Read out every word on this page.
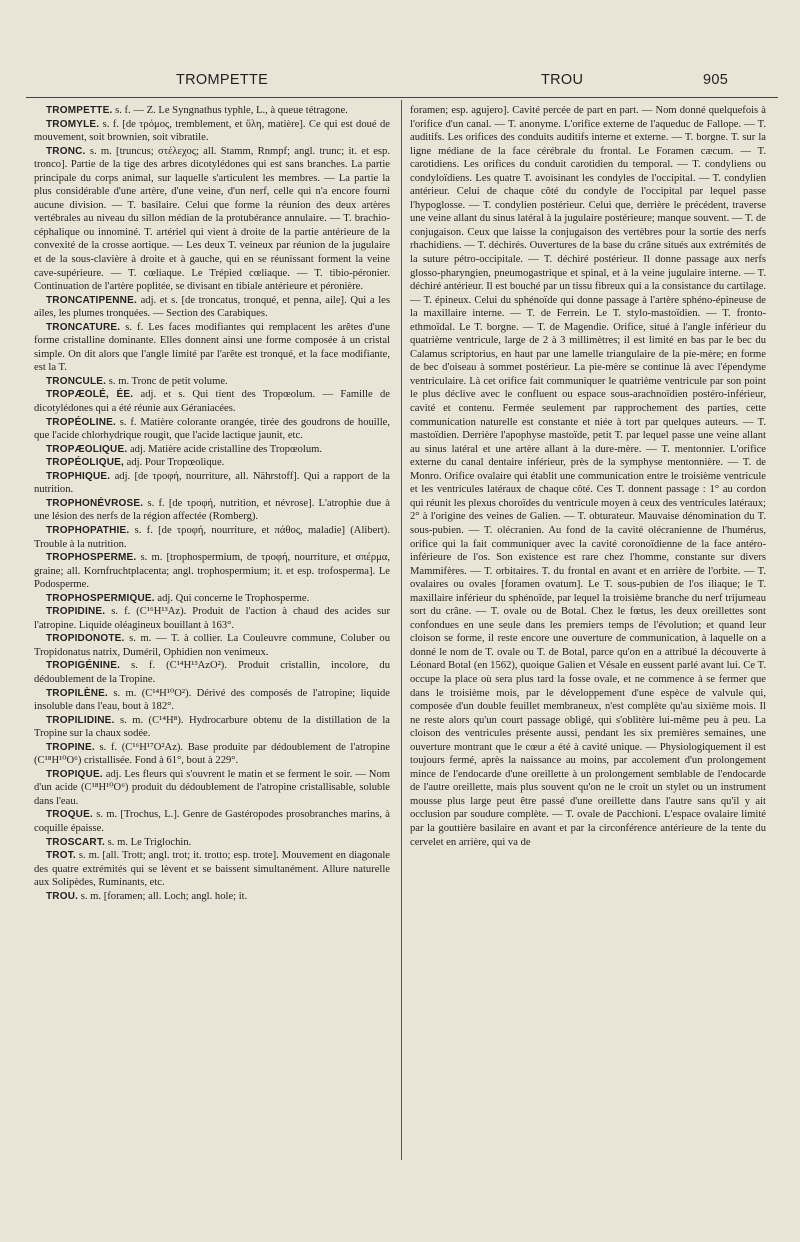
TROMPETTE	TROU	905

TROMPETTE. s. f. — Z. Le Syngnathus typhle, L., à queue tétragone.

TROMYLE. s. f. [de τρόμος, tremblement, et ὕλη, matière]. Ce qui est doué de mouvement, soit brownien, soit vibratile.

TRONC. s. m. [truncus; στέλεχος; all. Stamm, Rnmpf; angl. trunc; it. et esp. tronco]. Partie de la tige des arbres dicotylédones qui est sans branches. La partie principale du corps animal, sur laquelle s'articulent les membres. — La partie la plus considérable d'une artère, d'une veine, d'un nerf, celle qui n'a encore fourni aucune division. — T. basilaire. Celui que forme la réunion des deux artères vertébrales au niveau du sillon médian de la protubérance annulaire. — T. brachio-céphalique ou innominé. T. artériel qui vient à droite de la partie antérieure de la convexité de la crosse aortique. — Les deux T. veineux par réunion de la jugulaire et de la sous-clavière à droite et à gauche, qui en se réunissant forment la veine cave-supérieure. — T. cœliaque. Le Trépied cœliaque. — T. tibio-péronier. Continuation de l'artère poplitée, se divisant en tibiale antérieure et péronière.

TRONCATIPENNE. adj. et s. [de troncatus, tronqué, et penna, aile]. Qui a les ailes, les plumes tronquées. — Section des Carabiques.

TRONCATURE. s. f. Les faces modifiantes qui remplacent les arêtes d'une forme cristalline dominante. Elles donnent ainsi une forme composée à un cristal simple. On dit alors que l'angle limité par l'arête est tronqué, et la face modifiante, est la T.

TRONCULE. s. m. Tronc de petit volume.

TROPÆOLÉ, ÉE. adj. et s. Qui tient des Tropœolum. — Famille de dicotylédones qui a été réunie aux Géraniacées.

TROPÉOLINE. s. f. Matière colorante orangée, tirée des goudrons de houille, que l'acide chlorhydrique rougit, que l'acide lactique jaunit, etc.

TROPÆOLIQUE. adj. Matière acide cristalline des Tropœolum.

TROPÉOLIQUE, adj. Pour Tropœolique.

TROPHIQUE. adj. [de τροφή, nourriture, all. Nährstoff]. Qui a rapport de la nutrition.

TROPHONÉVROSE. s. f. [de τροφή, nutrition, et névrose]. L'atrophie due à une lésion des nerfs de la région affectée (Romberg).

TROPHOPATHIE. s. f. [de τροφή, nourriture, et πάθος, maladie] (Alibert). Trouble à la nutrition.

TROPHOSPERME. s. m. [trophospermium, de τροφή, nourriture, et σπέρμα, graine; all. Kornfruchtplacenta; angl. trophospermium; it. et esp. trofosperma]. Le Podosperme.

TROPHOSPERMIQUE. adj. Qui concerne le Trophosperme.

TROPIDINE. s. f. (C¹⁶H¹³Az). Produit de l'action à chaud des acides sur l'atropine. Liquide oléagineux bouillant à 163°.

TROPIDONOTE. s. m. — T. à collier. La Couleuvre commune, Coluber ou Tropidonatus natrix, Duméril, Ophidien non venimeux.

TROPIGÉNINE. s. f. (C¹⁴H¹³AzO²). Produit cristallin, incolore, du dédoublement de la Tropine.

TROPILÈNE. s. m. (C¹⁴H¹⁰O²). Dérivé des composés de l'atropine; liquide insoluble dans l'eau, bout à 182°.

TROPILIDINE. s. m. (C¹⁴H⁸). Hydrocarbure obtenu de la distillation de la Tropine sur la chaux sodée.

TROPINE. s. f. (C¹⁶H¹⁷O²Az). Base produite par dédoublement de l'atropine (C¹⁸H¹⁰O⁶) cristallisée. Fond à 61°, bout à 229°.

TROPIQUE. adj. Les fleurs qui s'ouvrent le matin et se ferment le soir. — Nom d'un acide (C¹⁸H¹⁰O⁶) produit du dédoublement de l'atropine cristallisable, soluble dans l'eau.

TROQUE. s. m. [Trochus, L.]. Genre de Gastéropodes prosobranches marins, à coquille épaisse.

TROSCART. s. m. Le Triglochin.

TROT. s. m. [all. Trott; angl. trot; it. trotto; esp. trote]. Mouvement en diagonale des quatre extrémités qui se lèvent et se baissent simultanément. Allure naturelle aux Solipèdes, Ruminants, etc.

TROU. s. m. [foramen; all. Loch; angl. hole; it.

foramen; esp. agujero]. Cavité percée de part en part. — Nom donné quelquefois à l'orifice d'un canal. — T. anonyme. L'orifice externe de l'aqueduc de Fallope. — T. auditifs. Les orifices des conduits auditifs interne et externe. — T. borgne. T. sur la ligne médiane de la face cérébrale du frontal. Le Foramen cæcum. — T. carotidiens. Les orifices du conduit carotidien du temporal. — T. condyliens ou condyloïdiens. Les quatre T. avoisinant les condyles de l'occipital. — T. condylien antérieur. Celui de chaque côté du condyle de l'occipital par lequel passe l'hypoglosse. — T. condylien postérieur. Celui que, derrière le précédent, traverse une veine allant du sinus latéral à la jugulaire postérieure; manque souvent. — T. de conjugaison. Ceux que laisse la conjugaison des vertèbres pour la sortie des nerfs rhachidiens. — T. déchirés. Ouvertures de la base du crâne situés aux extrémités de la suture pétro-occipitale. — T. déchiré postérieur. Il donne passage aux nerfs glosso-pharyngien, pneumogastrique et spinal, et à la veine jugulaire interne. — T. déchiré antérieur. Il est bouché par un tissu fibreux qui a la consistance du cartilage. — T. épineux. Celui du sphénoïde qui donne passage à l'artère sphéno-épineuse de la maxillaire interne. — T. de Ferrein. Le T. stylo-mastoïdien. — T. fronto-ethmoïdal. Le T. borgne. — T. de Magendie. Orifice, situé à l'angle inférieur du quatrième ventricule, large de 2 à 3 millimètres; il est limité en bas par le bec du Calamus scriptorius, en haut par une lamelle triangulaire de la pie-mère; en forme de bec d'oiseau à sommet postérieur. La pie-mère se continue là avec l'épendyme ventriculaire. Là cet orifice fait communiquer le quatrième ventricule par son point le plus déclive avec le confluent ou espace sous-arachnoïdien postéro-inférieur, cavité et contenu. Fermée seulement par rapprochement des parties, cette communication naturelle est constante et niée à tort par quelques auteurs. — T. mastoïdien. Derrière l'apophyse mastoïde, petit T. par lequel passe une veine allant au sinus latéral et une artère allant à la dure-mère. — T. mentonnier. L'orifice externe du canal dentaire inférieur, près de la symphyse mentonnière. — T. de Monro. Orifice ovalaire qui établit une communication entre le troisième ventricule et les ventricules latéraux de chaque côté. Ces T. donnent passage : 1° au cordon qui réunit les plexus choroïdes du ventricule moyen à ceux des ventricules latéraux; 2° à l'origine des veines de Galien. — T. obturateur. Mauvaise dénomination du T. sous-pubien. — T. olécranien. Au fond de la cavité olécranienne de l'humérus, orifice qui la fait communiquer avec la cavité coronoïdienne de la face antéro-inférieure de l'os. Son existence est rare chez l'homme, constante sur divers Mammifères. — T. orbitaires. T. du frontal en avant et en arrière de l'orbite. — T. ovalaires ou ovales [foramen ovatum]. Le T. sous-pubien de l'os iliaque; le T. maxillaire inférieur du sphénoïde, par lequel la troisième branche du nerf trijumeau sort du crâne. — T. ovale ou de Botal. Chez le fœtus, les deux oreillettes sont confondues en une seule dans les premiers temps de l'évolution; et quand leur cloison se forme, il reste encore une ouverture de communication, à laquelle on a donné le nom de T. ovale ou T. de Botal, parce qu'on en a attribué la découverte à Léonard Botal (en 1562), quoique Galien et Vésale en eussent parlé avant lui. Ce T. occupe la place où sera plus tard la fosse ovale, et ne commence à se fermer que dans le troisième mois, par le développement d'une espèce de valvule qui, composée d'un double feuillet membraneux, n'est complète qu'au sixième mois. Il ne reste alors qu'un court passage obligé, qui s'oblitère lui-même peu à peu. La cloison des ventricules présente aussi, pendant les six premières semaines, une ouverture montrant que le cœur a été à cavité unique. — Physiologiquement il est toujours fermé, après la naissance au moins, par accolement d'un prolongement mince de l'endocarde d'une oreillette à un prolongement semblable de l'endocarde de l'autre oreillette, mais plus souvent qu'on ne le croit un stylet ou un instrument mousse plus large peut être passé d'une oreillette dans l'autre sans qu'il y ait occlusion par soudure complète. — T. ovale de Pacchioni. L'espace ovalaire limité par la gouttière basilaire en avant et par la circonférence antérieure de la tente du cervelet en arrière, qui va de
